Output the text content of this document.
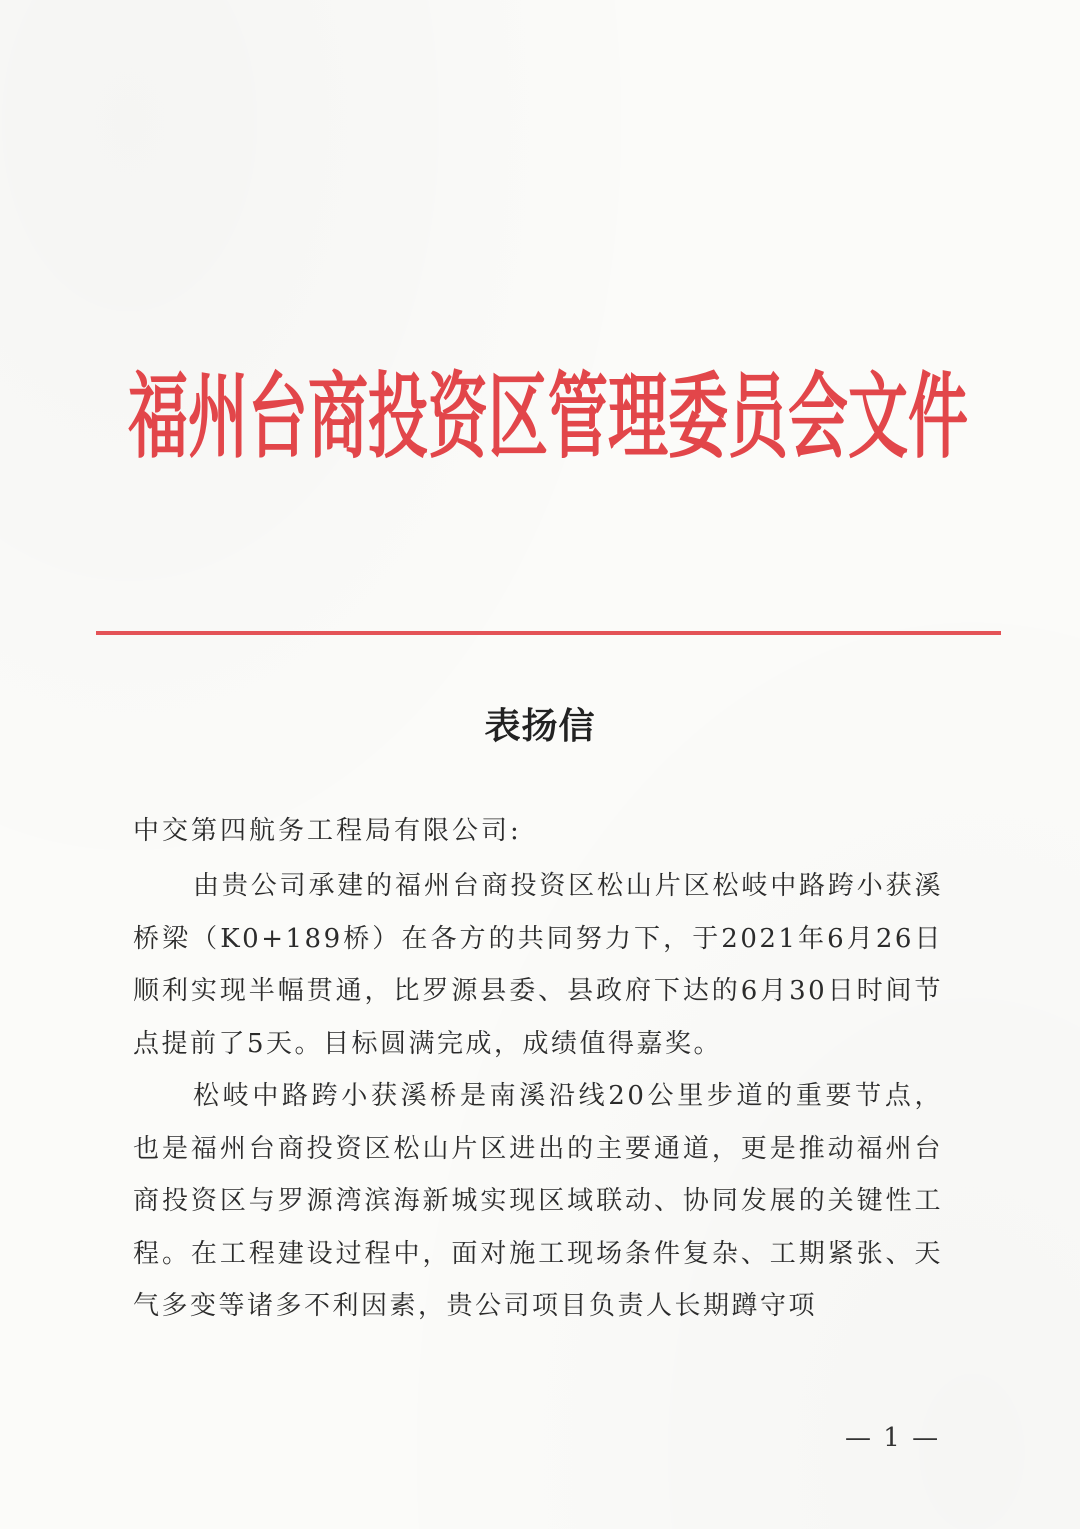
福州台商投资区管理委员会文件
表扬信
中交第四航务工程局有限公司:

由贵公司承建的福州台商投资区松山片区松岐中路跨小获溪桥梁（K0+189桥）在各方的共同努力下，于2021年6月26日顺利实现半幅贯通，比罗源县委、县政府下达的6月30日时间节点提前了5天。目标圆满完成，成绩值得嘉奖。

松岐中路跨小获溪桥是南溪沿线20公里步道的重要节点，也是福州台商投资区松山片区进出的主要通道，更是推动福州台商投资区与罗源湾滨海新城实现区域联动、协同发展的关键性工程。在工程建设过程中，面对施工现场条件复杂、工期紧张、天气多变等诸多不利因素，贵公司项目负责人长期蹲守项

— 1 —
